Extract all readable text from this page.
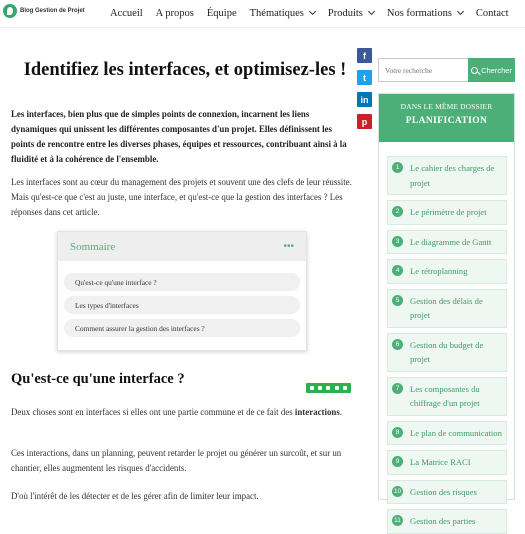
Blog Gestion de Projet Accueil A propos Équipe Thématiques	Produits	Nos formations	Contact
f
t
in
p
Identifiez les interfaces, et optimisez-les !

Les interfaces, bien plus que de simples points de connexion, incarnent les liens dynamiques qui unissent les différentes composantes d'un projet. Elles définissent les points de rencontre entre les diverses phases, équipes et ressources, contribuant ainsi à la fluidité et à la cohérence de l'ensemble.

Les interfaces sont au cœur du management des projets et souvent une des clefs de leur réussite. Mais qu'est-ce que c'est au juste, une interface, et qu'est-ce que la gestion des interfaces ? Les réponses dans cet article.

Sommaire	•••
Qu'est-ce qu'une interface ?
Les types d'interfaces
Comment assurer la gestion des interfaces ?
Qu'est-ce qu'une interface ?

Deux choses sont en interfaces si elles ont une partie commune et de ce fait des interactions.

Ces interactions, dans un planning, peuvent retarder le projet ou générer un surcoût, et sur un chantier, elles augmentent les risques d'accidents.

D'où l'intérêt de les détecter et de les gérer afin de limiter leur impact.

Votre recherche
Chercher
DANS LE MÊME DOSSIER
PLANIFICATION
1	Le cahier des charges de projet
2	Le périmètre de projet
3	Le diagramme de Gantt
4	Le rétroplanning
5	Gestion des délais de projet
6	Gestion du budget de projet
7	Les composantes du chiffrage d'un projet
8	Le plan de communication
9	La Matrice RACI
10 Gestion des risques
11 Gestion des parties
